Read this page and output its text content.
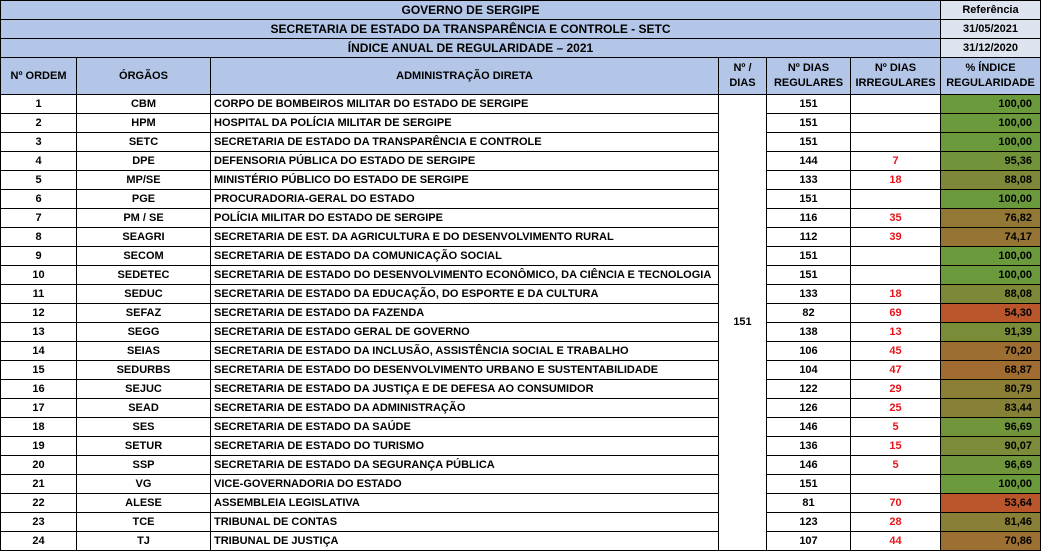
GOVERNO DE SERGIPE						Referência
SECRETARIA DE ESTADO DA TRANSPARÊNCIA E CONTROLE - SETC						31/05/2021
ÍNDICE ANUAL DE REGULARIDADE – 2021						31/12/2020
Nº ORDEM	ÓRGÃOS	ADMINISTRAÇÃO DIRETA	Nº / DIAS	Nº DIAS REGULARES	Nº DIAS IRREGULARES	% ÍNDICE REGULARIDADE
1	CBM	CORPO DE BOMBEIROS MILITAR DO ESTADO DE SERGIPE	151	151		100,00
2	HPM	HOSPITAL DA POLÍCIA MILITAR DE SERGIPE		151		100,00
3	SETC	SECRETARIA DE ESTADO DA TRANSPARÊNCIA E CONTROLE		151		100,00
4	DPE	DEFENSORIA PÚBLICA DO ESTADO DE SERGIPE		144	7	95,36
5	MP/SE	MINISTÉRIO PÚBLICO DO ESTADO DE SERGIPE		133	18	88,08
6	PGE	PROCURADORIA-GERAL DO ESTADO		151		100,00
7	PM / SE	POLÍCIA MILITAR DO ESTADO DE SERGIPE		116	35	76,82
8	SEAGRI	SECRETARIA DE EST. DA AGRICULTURA E DO DESENVOLVIMENTO RURAL		112	39	74,17
9	SECOM	SECRETARIA DE ESTADO DA COMUNICAÇÃO SOCIAL		151		100,00
10	SEDETEC	SECRETARIA DE ESTADO DO DESENVOLVIMENTO ECONÔMICO, DA CIÊNCIA E TECNOLOGIA		151		100,00
11	SEDUC	SECRETARIA DE ESTADO DA EDUCAÇÃO, DO ESPORTE E DA CULTURA		133	18	88,08
12	SEFAZ	SECRETARIA DE ESTADO DA FAZENDA		82	69	54,30
13	SEGG	SECRETARIA DE ESTADO GERAL DE GOVERNO		138	13	91,39
14	SEIAS	SECRETARIA DE ESTADO DA INCLUSÃO, ASSISTÊNCIA SOCIAL E TRABALHO		106	45	70,20
15	SEDURBS	SECRETARIA DE ESTADO DO DESENVOLVIMENTO URBANO E SUSTENTABILIDADE		104	47	68,87
16	SEJUC	SECRETARIA DE ESTADO DA JUSTIÇA E DE DEFESA AO CONSUMIDOR		122	29	80,79
17	SEAD	SECRETARIA DE ESTADO DA ADMINISTRAÇÃO		126	25	83,44
18	SES	SECRETARIA DE ESTADO DA SAÚDE		146	5	96,69
19	SETUR	SECRETARIA DE ESTADO DO TURISMO		136	15	90,07
20	SSP	SECRETARIA DE ESTADO DA SEGURANÇA PÚBLICA		146	5	96,69
21	VG	VICE-GOVERNADORIA DO ESTADO		151		100,00
22	ALESE	ASSEMBLEIA LEGISLATIVA		81	70	53,64
23	TCE	TRIBUNAL DE CONTAS		123	28	81,46
24	TJ	TRIBUNAL DE JUSTIÇA		107	44	70,86
